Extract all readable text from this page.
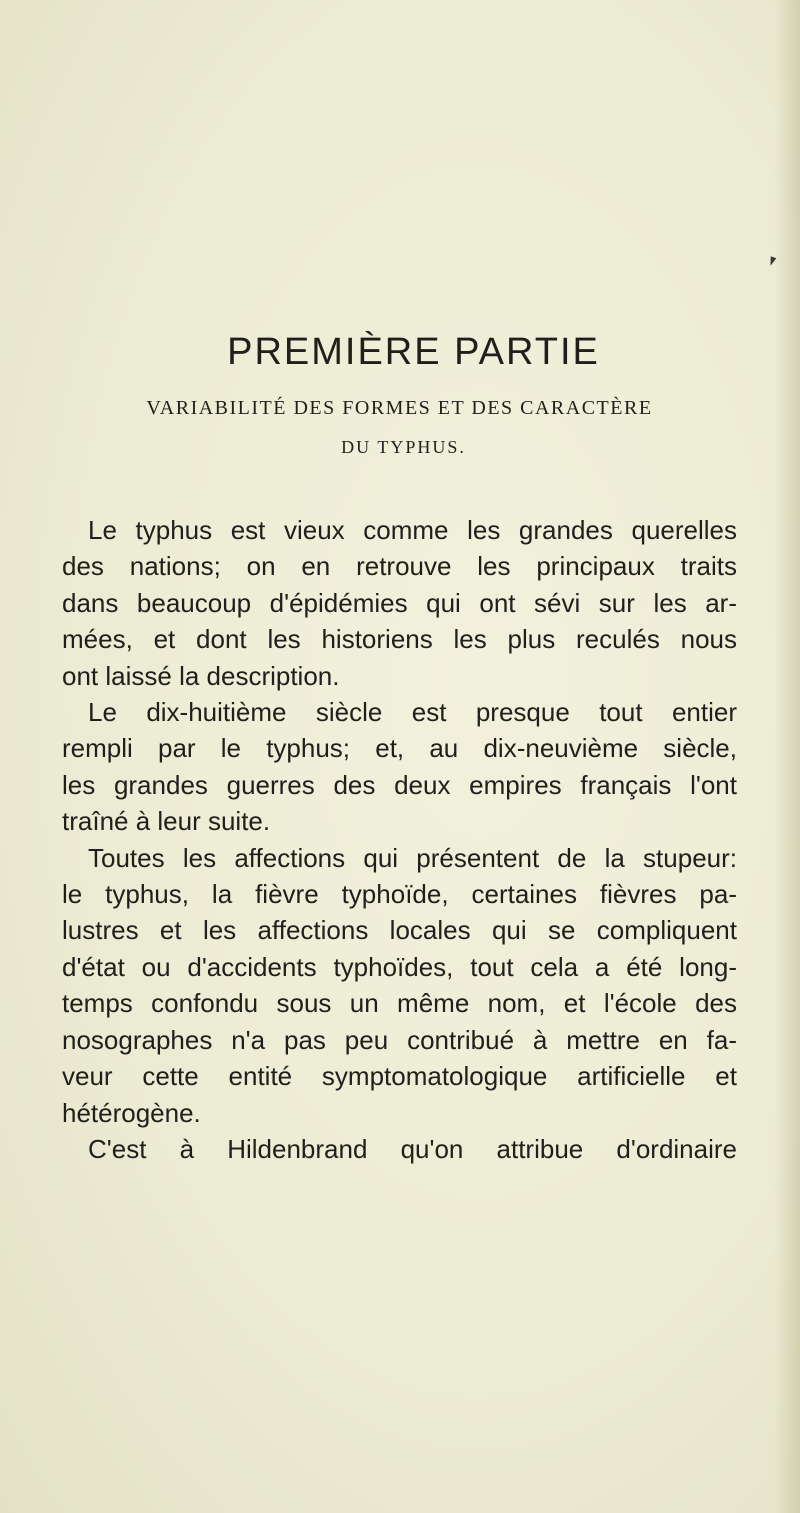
PREMIÈRE PARTIE
VARIABILITÉ DES FORMES ET DES CARACTÈRE
DU TYPHUS.
Le typhus est vieux comme les grandes querelles
des nations; on en retrouve les principaux traits
dans beaucoup d'épidémies qui ont sévi sur les ar-
mées, et dont les historiens les plus reculés nous
ont laissé la description.
Le dix-huitième siècle est presque tout entier
rempli par le typhus; et, au dix-neuvième siècle,
les grandes guerres des deux empires français l'ont
traîné à leur suite.
Toutes les affections qui présentent de la stupeur:
le typhus, la fièvre typhoïde, certaines fièvres pa-
lustres et les affections locales qui se compliquent
d'état ou d'accidents typhoïdes, tout cela a été long-
temps confondu sous un même nom, et l'école des
nosographes n'a pas peu contribué à mettre en fa-
veur cette entité symptomatologique artificielle et
hétérogène.
C'est à Hildenbrand qu'on attribue d'ordinaire
